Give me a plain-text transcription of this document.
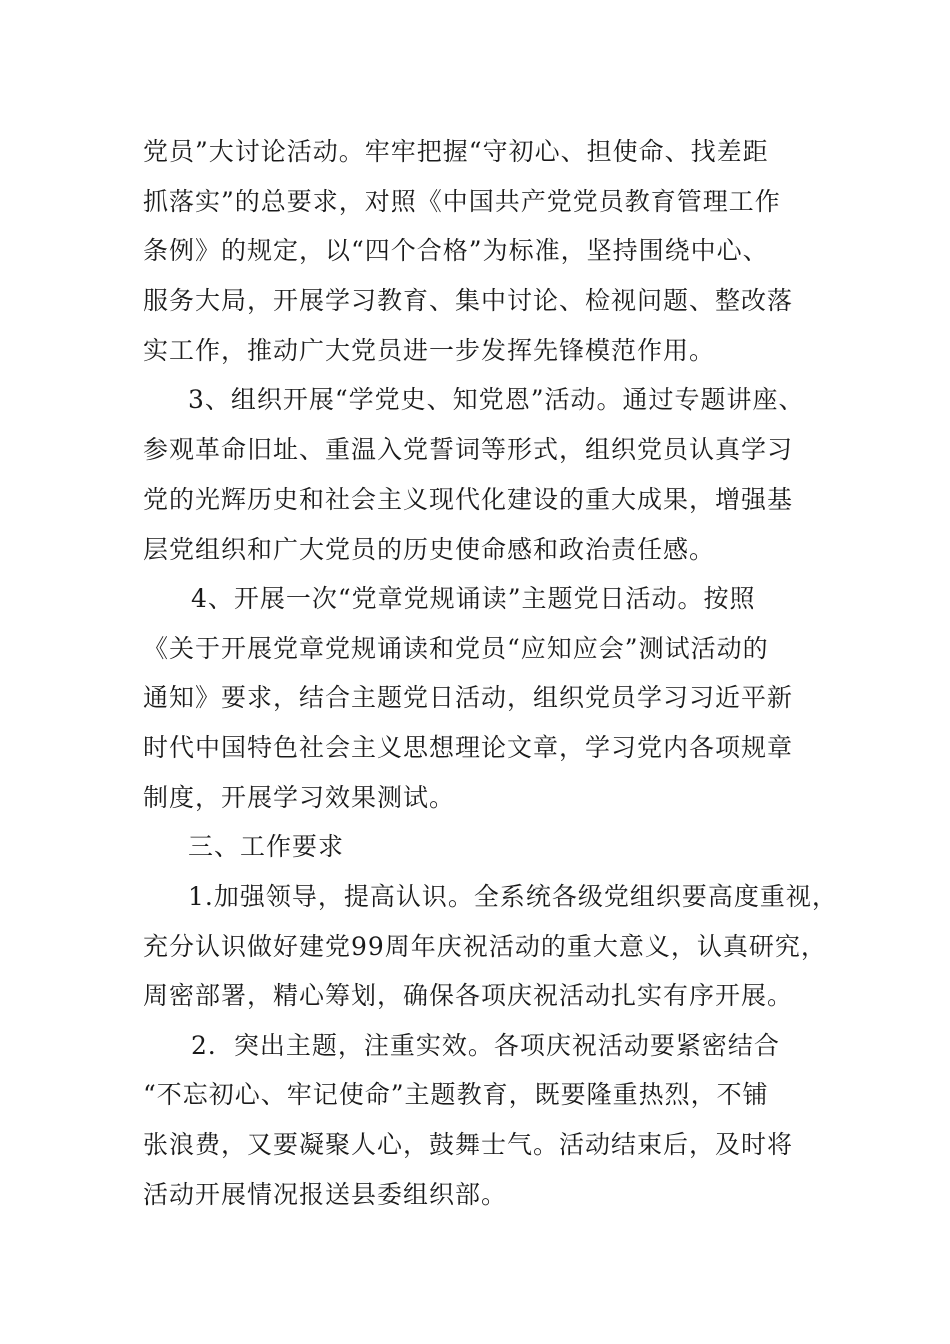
党员”大讨论活动。牢牢把握“守初心、担使命、找差距

抓落实”的总要求，对照《中国共产党党员教育管理工作

条例》的规定，以“四个合格”为标准，坚持围绕中心、

服务大局，开展学习教育、集中讨论、检视问题、整改落

实工作，推动广大党员进一步发挥先锋模范作用。

3、组织开展“学党史、知党恩”活动。通过专题讲座、

参观革命旧址、重温入党誓词等形式，组织党员认真学习

党的光辉历史和社会主义现代化建设的重大成果，增强基

层党组织和广大党员的历史使命感和政治责任感。

4、开展一次“党章党规诵读”主题党日活动。按照

《关于开展党章党规诵读和党员“应知应会”测试活动的

通知》要求，结合主题党日活动，组织党员学习习近平新

时代中国特色社会主义思想理论文章，学习党内各项规章

制度，开展学习效果测试。

三、工作要求

1.加强领导，提高认识。全系统各级党组织要高度重视，

充分认识做好建党99周年庆祝活动的重大意义，认真研究，

周密部署，精心筹划，确保各项庆祝活动扎实有序开展。

2．突出主题，注重实效。各项庆祝活动要紧密结合

“不忘初心、牢记使命”主题教育，既要隆重热烈，不铺

张浪费，又要凝聚人心，鼓舞士气。活动结束后，及时将

活动开展情况报送县委组织部。
